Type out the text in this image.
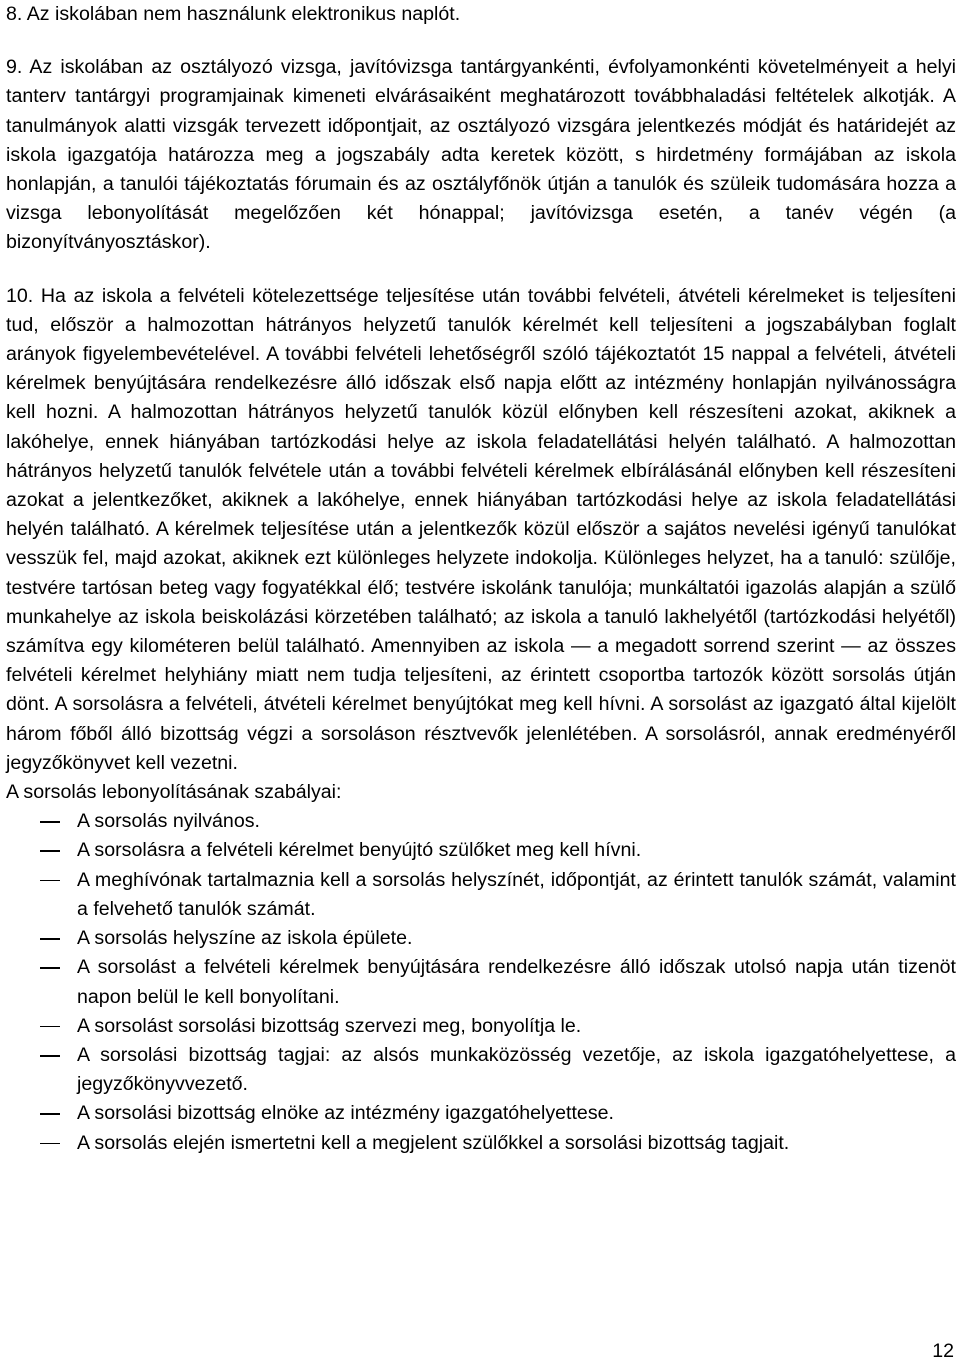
8. Az iskolában nem használunk elektronikus naplót.

9. Az iskolában az osztályozó vizsga, javítóvizsga tantárgyankénti, évfolyamonkénti követelményeit a helyi tanterv tantárgyi programjainak kimeneti elvárásaiként meghatározott továbbhaladási feltételek alkotják. A tanulmányok alatti vizsgák tervezett időpontjait, az osztályozó vizsgára jelentkezés módját és határidejét az iskola igazgatója határozza meg a jogszabály adta keretek között, s hirdetmény formájában az iskola honlapján, a tanulói tájékoztatás fórumain és az osztályfőnök útján a tanulók és szüleik tudomására hozza a vizsga lebonyolítását megelőzően két hónappal; javítóvizsga esetén, a tanév végén (a bizonyítványosztáskor).

10. Ha az iskola a felvételi kötelezettsége teljesítése után további felvételi, átvételi kérelmeket is teljesíteni tud, először a halmozottan hátrányos helyzetű tanulók kérelmét kell teljesíteni a jogszabályban foglalt arányok figyelembevételével. A további felvételi lehetőségről szóló tájékoztatót 15 nappal a felvételi, átvételi kérelmek benyújtására rendelkezésre álló időszak első napja előtt az intézmény honlapján nyilvánosságra kell hozni. A halmozottan hátrányos helyzetű tanulók közül előnyben kell részesíteni azokat, akiknek a lakóhelye, ennek hiányában tartózkodási helye az iskola feladatellátási helyén található. A halmozottan hátrányos helyzetű tanulók felvétele után a további felvételi kérelmek elbírálásánál előnyben kell részesíteni azokat a jelentkezőket, akiknek a lakóhelye, ennek hiányában tartózkodási helye az iskola feladatellátási helyén található. A kérelmek teljesítése után a jelentkezők közül először a sajátos nevelési igényű tanulókat vesszük fel, majd azokat, akiknek ezt különleges helyzete indokolja. Különleges helyzet, ha a tanuló: szülője, testvére tartósan beteg vagy fogyatékkal élő; testvére iskolánk tanulója; munkáltatói igazolás alapján a szülő munkahelye az iskola beiskolázási körzetében található; az iskola a tanuló lakhelyétől (tartózkodási helyétől) számítva egy kilométeren belül található. Amennyiben az iskola — a megadott sorrend szerint — az összes felvételi kérelmet helyhiány miatt nem tudja teljesíteni, az érintett csoportba tartozók között sorsolás útján dönt. A sorsolásra a felvételi, átvételi kérelmet benyújtókat meg kell hívni. A sorsolást az igazgató által kijelölt három főből álló bizottság végzi a sorsoláson résztvevők jelenlétében. A sorsolásról, annak eredményéről jegyzőkönyvet kell vezetni.

A sorsolás lebonyolításának szabályai:

A sorsolás nyilvános.
A sorsolásra a felvételi kérelmet benyújtó szülőket meg kell hívni.
A meghívónak tartalmaznia kell a sorsolás helyszínét, időpontját, az érintett tanulók számát, valamint a felvehető tanulók számát.
A sorsolás helyszíne az iskola épülete.
A sorsolást a felvételi kérelmek benyújtására rendelkezésre álló időszak utolsó napja után tizenöt napon belül le kell bonyolítani.
A sorsolást sorsolási bizottság szervezi meg, bonyolítja le.
A sorsolási bizottság tagjai: az alsós munkaközösség vezetője, az iskola igazgatóhelyettese, a jegyzőkönyvvezető.
A sorsolási bizottság elnöke az intézmény igazgatóhelyettese.
A sorsolás elején ismertetni kell a megjelent szülőkkel a sorsolási bizottság tagjait.
12
